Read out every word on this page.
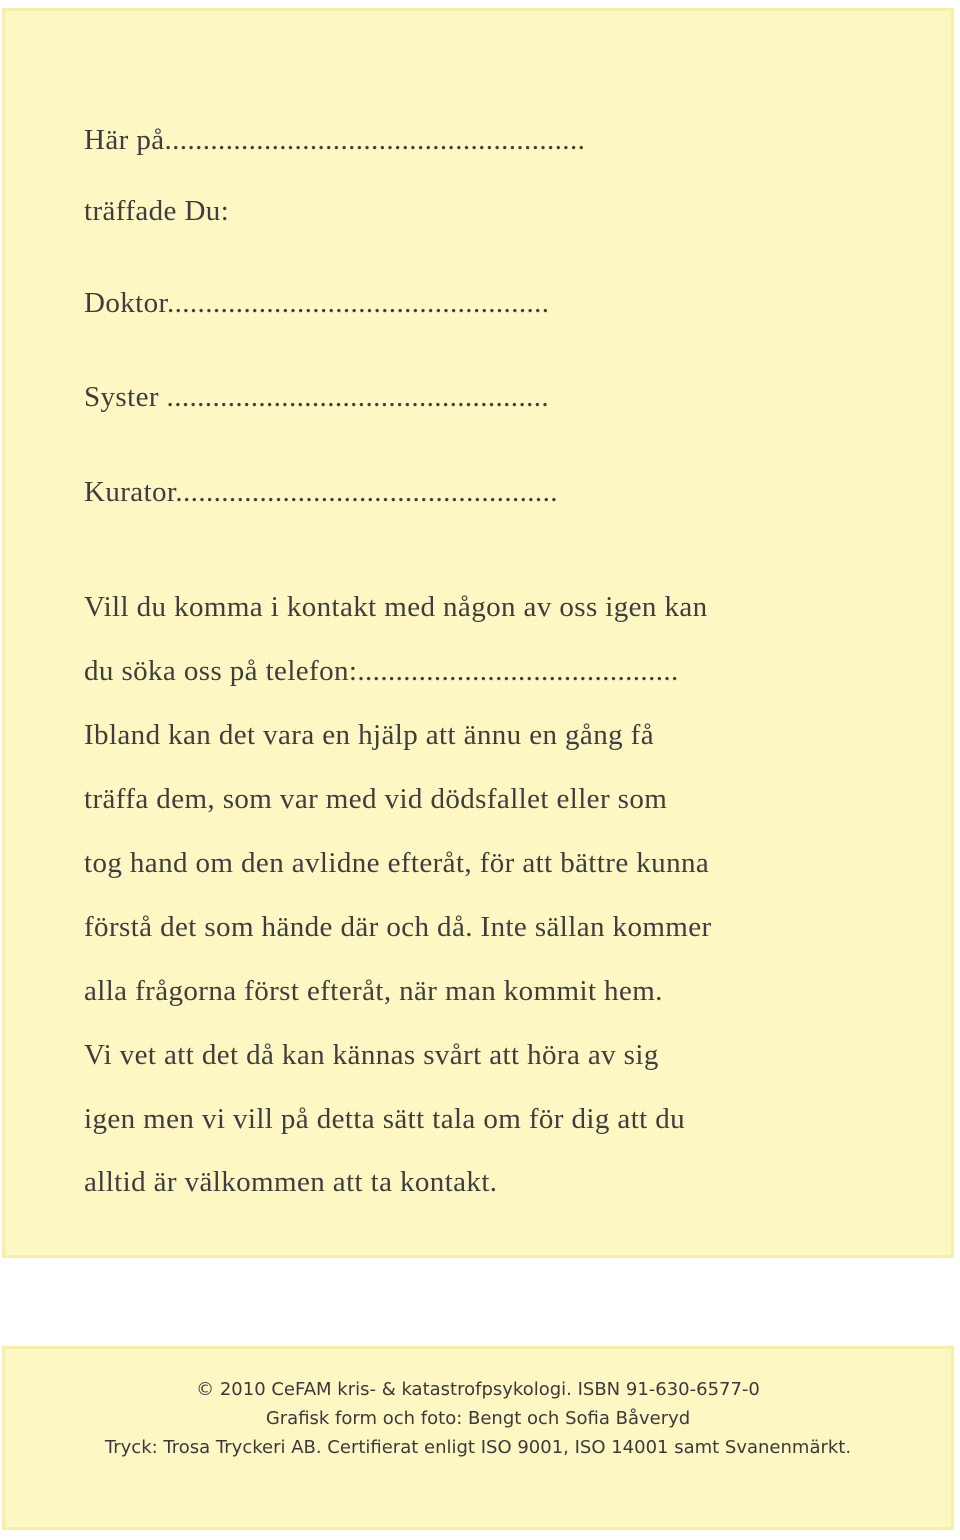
Här på.......................................................
träffade Du:
Doktor..................................................
Syster ..................................................
Kurator..................................................
Vill du komma i kontakt med någon av oss igen kan
du söka oss på telefon:..........................................
Ibland kan det vara en hjälp att ännu en gång få
träffa dem, som var med vid dödsfallet eller som
tog hand om den avlidne efteråt, för att bättre kunna
förstå det som hände där och då. Inte sällan kommer
alla frågorna först efteråt, när man kommit hem.
Vi vet att det då kan kännas svårt att höra av sig
igen men vi vill på detta sätt tala om för dig att du
alltid är välkommen att ta kontakt.
© 2010 CeFAM kris- & katastrofpsykologi. ISBN 91-630-6577-0
Grafisk form och foto: Bengt och Sofia Båveryd
Tryck: Trosa Tryckeri AB. Certifierat enligt ISO 9001, ISO 14001 samt Svanenmärkt.
